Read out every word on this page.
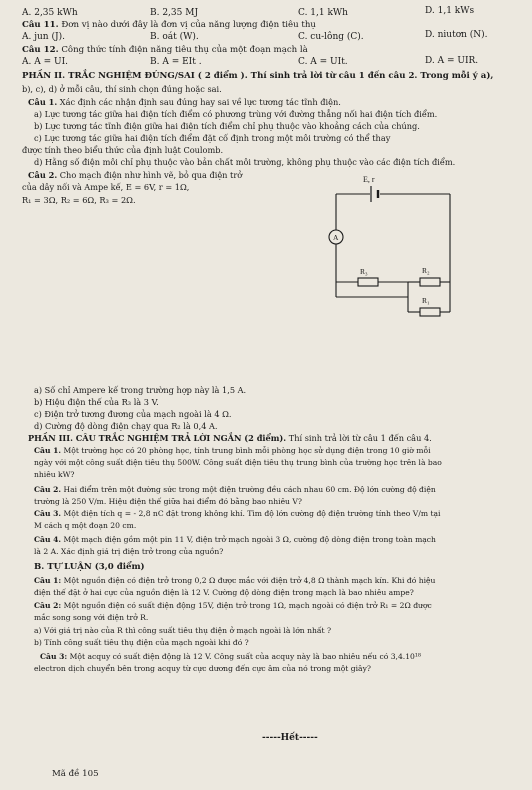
A. 2,35 kWh	B. 2,35 MJ	C. 1,1 kWh	D. 1,1 kWs
Câu 11. Đơn vị nào dưới đây là đơn vị của năng lượng điện tiêu thụ
A. jun (J).	B. oát (W).	C. cu-lông (C).	D. niutơn (N).
Câu 12. Công thức tính điện năng tiêu thụ của một đoạn mạch là
A. A = UI.	B. A = EIt .	C. A = UIt.	D. A = UIR.
PHẦN II. TRẮC NGHIỆM ĐÚNG/SAI ( 2 điểm ). Thí sinh trả lời từ câu 1 đến câu 2. Trong mỗi ý a),
b), c), d) ở mỗi câu, thí sinh chọn đúng hoặc sai.
Câu 1. Xác định các nhận định sau đúng hay sai về lực tương tác tĩnh điện.
a) Lực tương tác giữa hai điện tích điểm có phương trùng với đường thẳng nối hai điện tích điểm.
b) Lực tương tác tĩnh điện giữa hai điện tích điểm chỉ phụ thuộc vào khoảng cách của chúng.
c) Lực tương tác giữa hai điện tích điểm đặt cố định trong một môi trường có thể thay
được tính theo biểu thức của định luật Coulomb.
d) Hằng số điện môi chỉ phụ thuộc vào bản chất môi trường, không phụ thuộc vào các điện tích điểm.
Câu 2. Cho mạch điện như hình vẽ, bỏ qua điện trở
của dây nối và Ampe kế, E = 6V, r = 1Ω,
R₁ = 3Ω, R₂ = 6Ω, R₃ = 2Ω.
E, r
A
R₃	R₂
R₁
a) Số chỉ Ampere kế trong trường hợp này là 1,5 A.
b) Hiệu điện thế của R₃ là 3 V.
c) Điện trở tương đương của mạch ngoài là 4 Ω.
d) Cường độ dòng điện chạy qua R₂ là 0,4 A.
PHẦN III. CÂU TRẮC NGHIỆM TRẢ LỜI NGẮN (2 điểm). Thí sinh trả lời từ câu 1 đến câu 4.
Câu 1. Một trường học có 20 phòng học, tính trung bình mỗi phòng học sử dụng điện trong 10 giờ mỗi
ngày với một công suất điện tiêu thụ 500W. Công suất điện tiêu thụ trung bình của trường học trên là bao
nhiêu kW?
Câu 2. Hai điểm trên một đường sức trong một điện trường đều cách nhau 60 cm. Độ lớn cường độ điện
trường là 250 V/m. Hiệu điện thế giữa hai điểm đó bằng bao nhiêu V?
Câu 3. Một điện tích q = - 2,8 nC đặt trong không khí. Tìm độ lớn cường độ điện trường tính theo V/m tại
M cách q một đoạn 20 cm.
Câu 4. Một mạch điện gồm một pin 11 V, điện trở mạch ngoài 3 Ω, cường độ dòng điện trong toàn mạch
là 2 A. Xác định giá trị điện trở trong của nguồn?
B. TỰ LUẬN (3,0 điểm)
Câu 1: Một nguồn điện có điện trở trong 0,2 Ω được mắc với điện trở 4,8 Ω thành mạch kín. Khi đó hiệu
điện thế đặt ở hai cực của nguồn điện là 12 V. Cường độ dòng điện trong mạch là bao nhiêu ampe?
Câu 2: Một nguồn điện có suất điện động 15V, điện trở trong 1Ω, mạch ngoài có điện trở R₁ = 2Ω được
mắc song song với điện trở R.
a) Với giá trị nào của R thì công suất tiêu thụ điện ở mạch ngoài là lớn nhất ?
b) Tính công suất tiêu thụ điện của mạch ngoài khi đó ?
Câu 3: Một acquy có suất điện động là 12 V. Công suất của acquy này là bao nhiêu nếu có 3,4.10¹⁸
electron dịch chuyển bên trong acquy từ cực dương đến cực âm của nó trong một giây?
-----Hết-----
Mã đề 105
